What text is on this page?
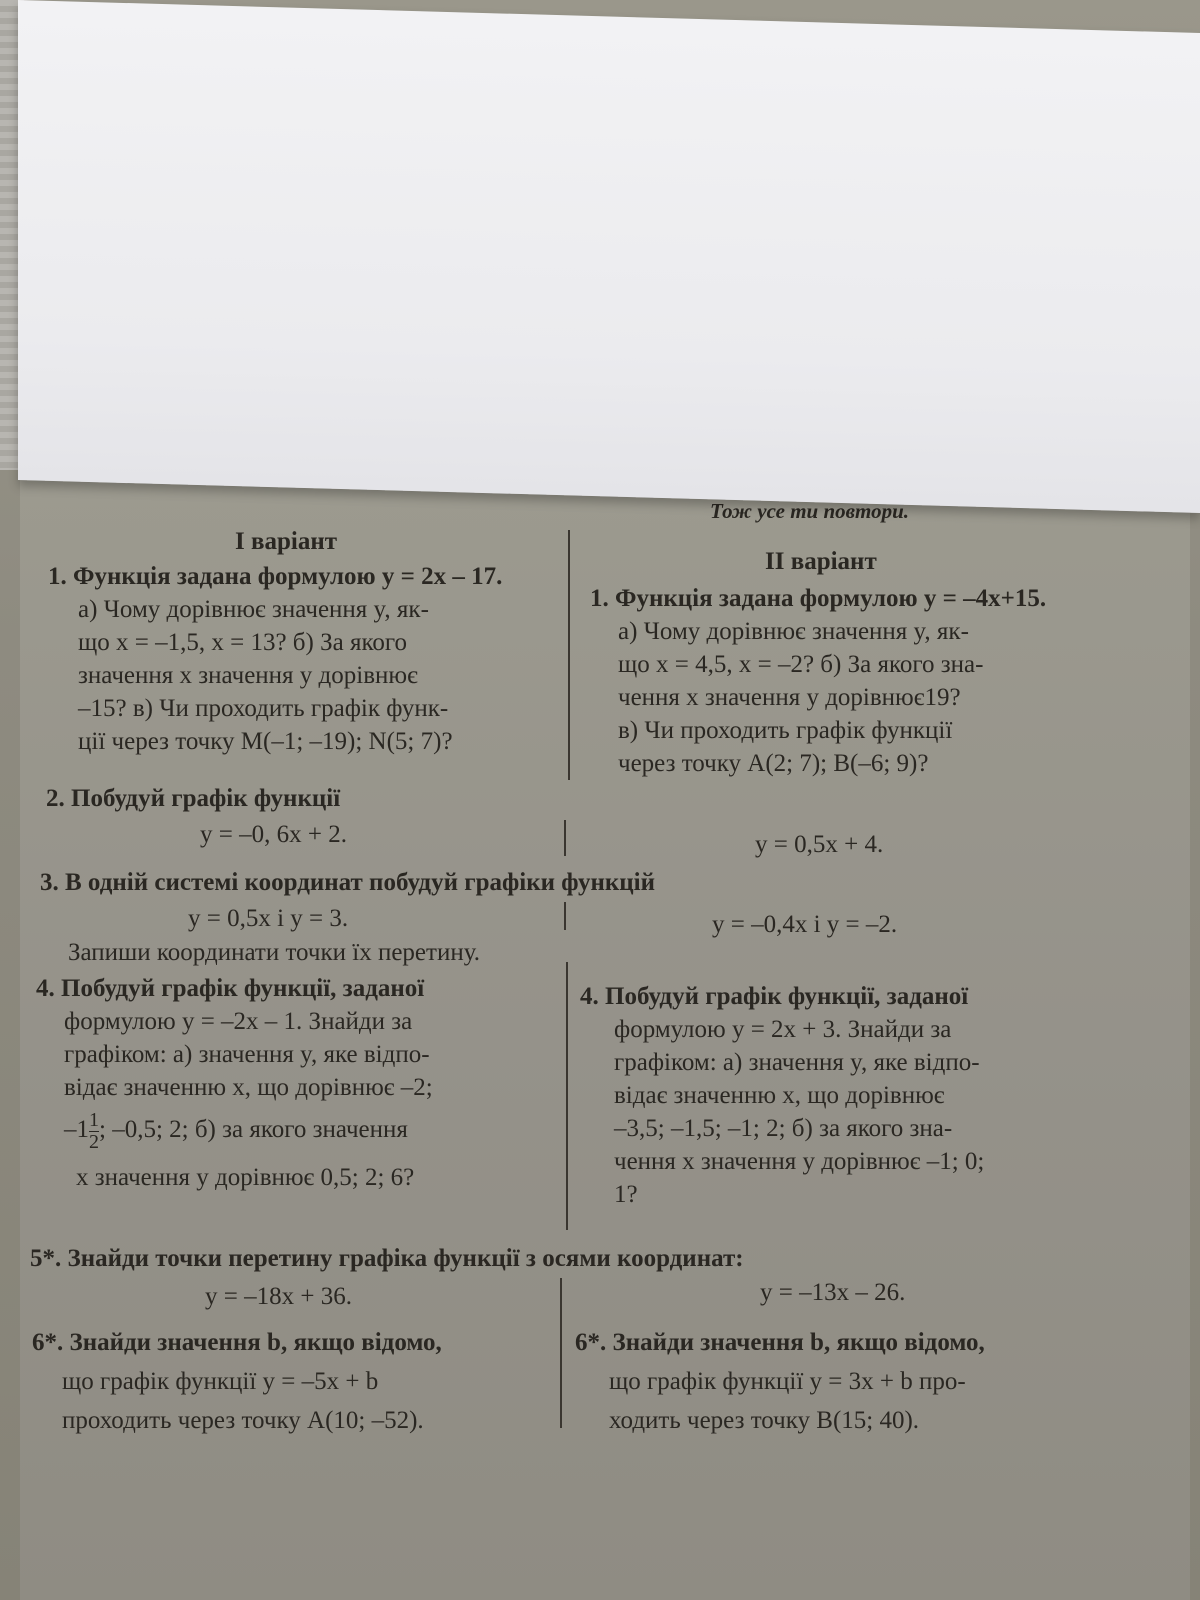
Тож усе ти повтори.
І варіант
ІІ варіант
1. Функція задана формулою y = 2x – 17.
а) Чому дорівнює значення y, як-
що x = –1,5, x = 13? б) За якого
значення x значення y дорівнює
–15? в) Чи проходить графік функ-
ції через точку M(–1; –19); N(5; 7)?
1. Функція задана формулою y = –4x+15.
а) Чому дорівнює значення y, як-
що x = 4,5, x = –2? б) За якого зна-
чення x значення y дорівнює19?
в) Чи проходить графік функції
через точку A(2; 7); B(–6; 9)?
2. Побудуй графік функції
y = –0, 6x + 2.	y = 0,5x + 4.
3. В одній системі координат побудуй графіки функцій
y = 0,5x і y = 3.	y = –0,4x і y = –2.
Запиши координати точки їх перетину.
4. Побудуй графік функції, заданої
формулою y = –2x – 1. Знайди за
графіком: а) значення y, яке відпо-
відає значенню x, що дорівнює –2;
$-1 \frac{1}{2}$ ; –0,5; 2; б) за якого значення
x значення y дорівнює 0,5; 2; 6?
4. Побудуй графік функції, заданої
формулою y = 2x + 3. Знайди за
графіком: а) значення y, яке відпо-
відає значенню x, що дорівнює
–3,5; –1,5; –1; 2; б) за якого зна-
чення x значення y дорівнює –1; 0;
1?
5*. Знайди точки перетину графіка функції з осями координат:
y = –18x + 36.	y = –13x – 26.
6*. Знайди значення b, якщо відомо,
що графік функції y = –5x + b
проходить через точку A(10; –52).
6*. Знайди значення b, якщо відомо,
що графік функції y = 3x + b про-
ходить через точку B(15; 40).
